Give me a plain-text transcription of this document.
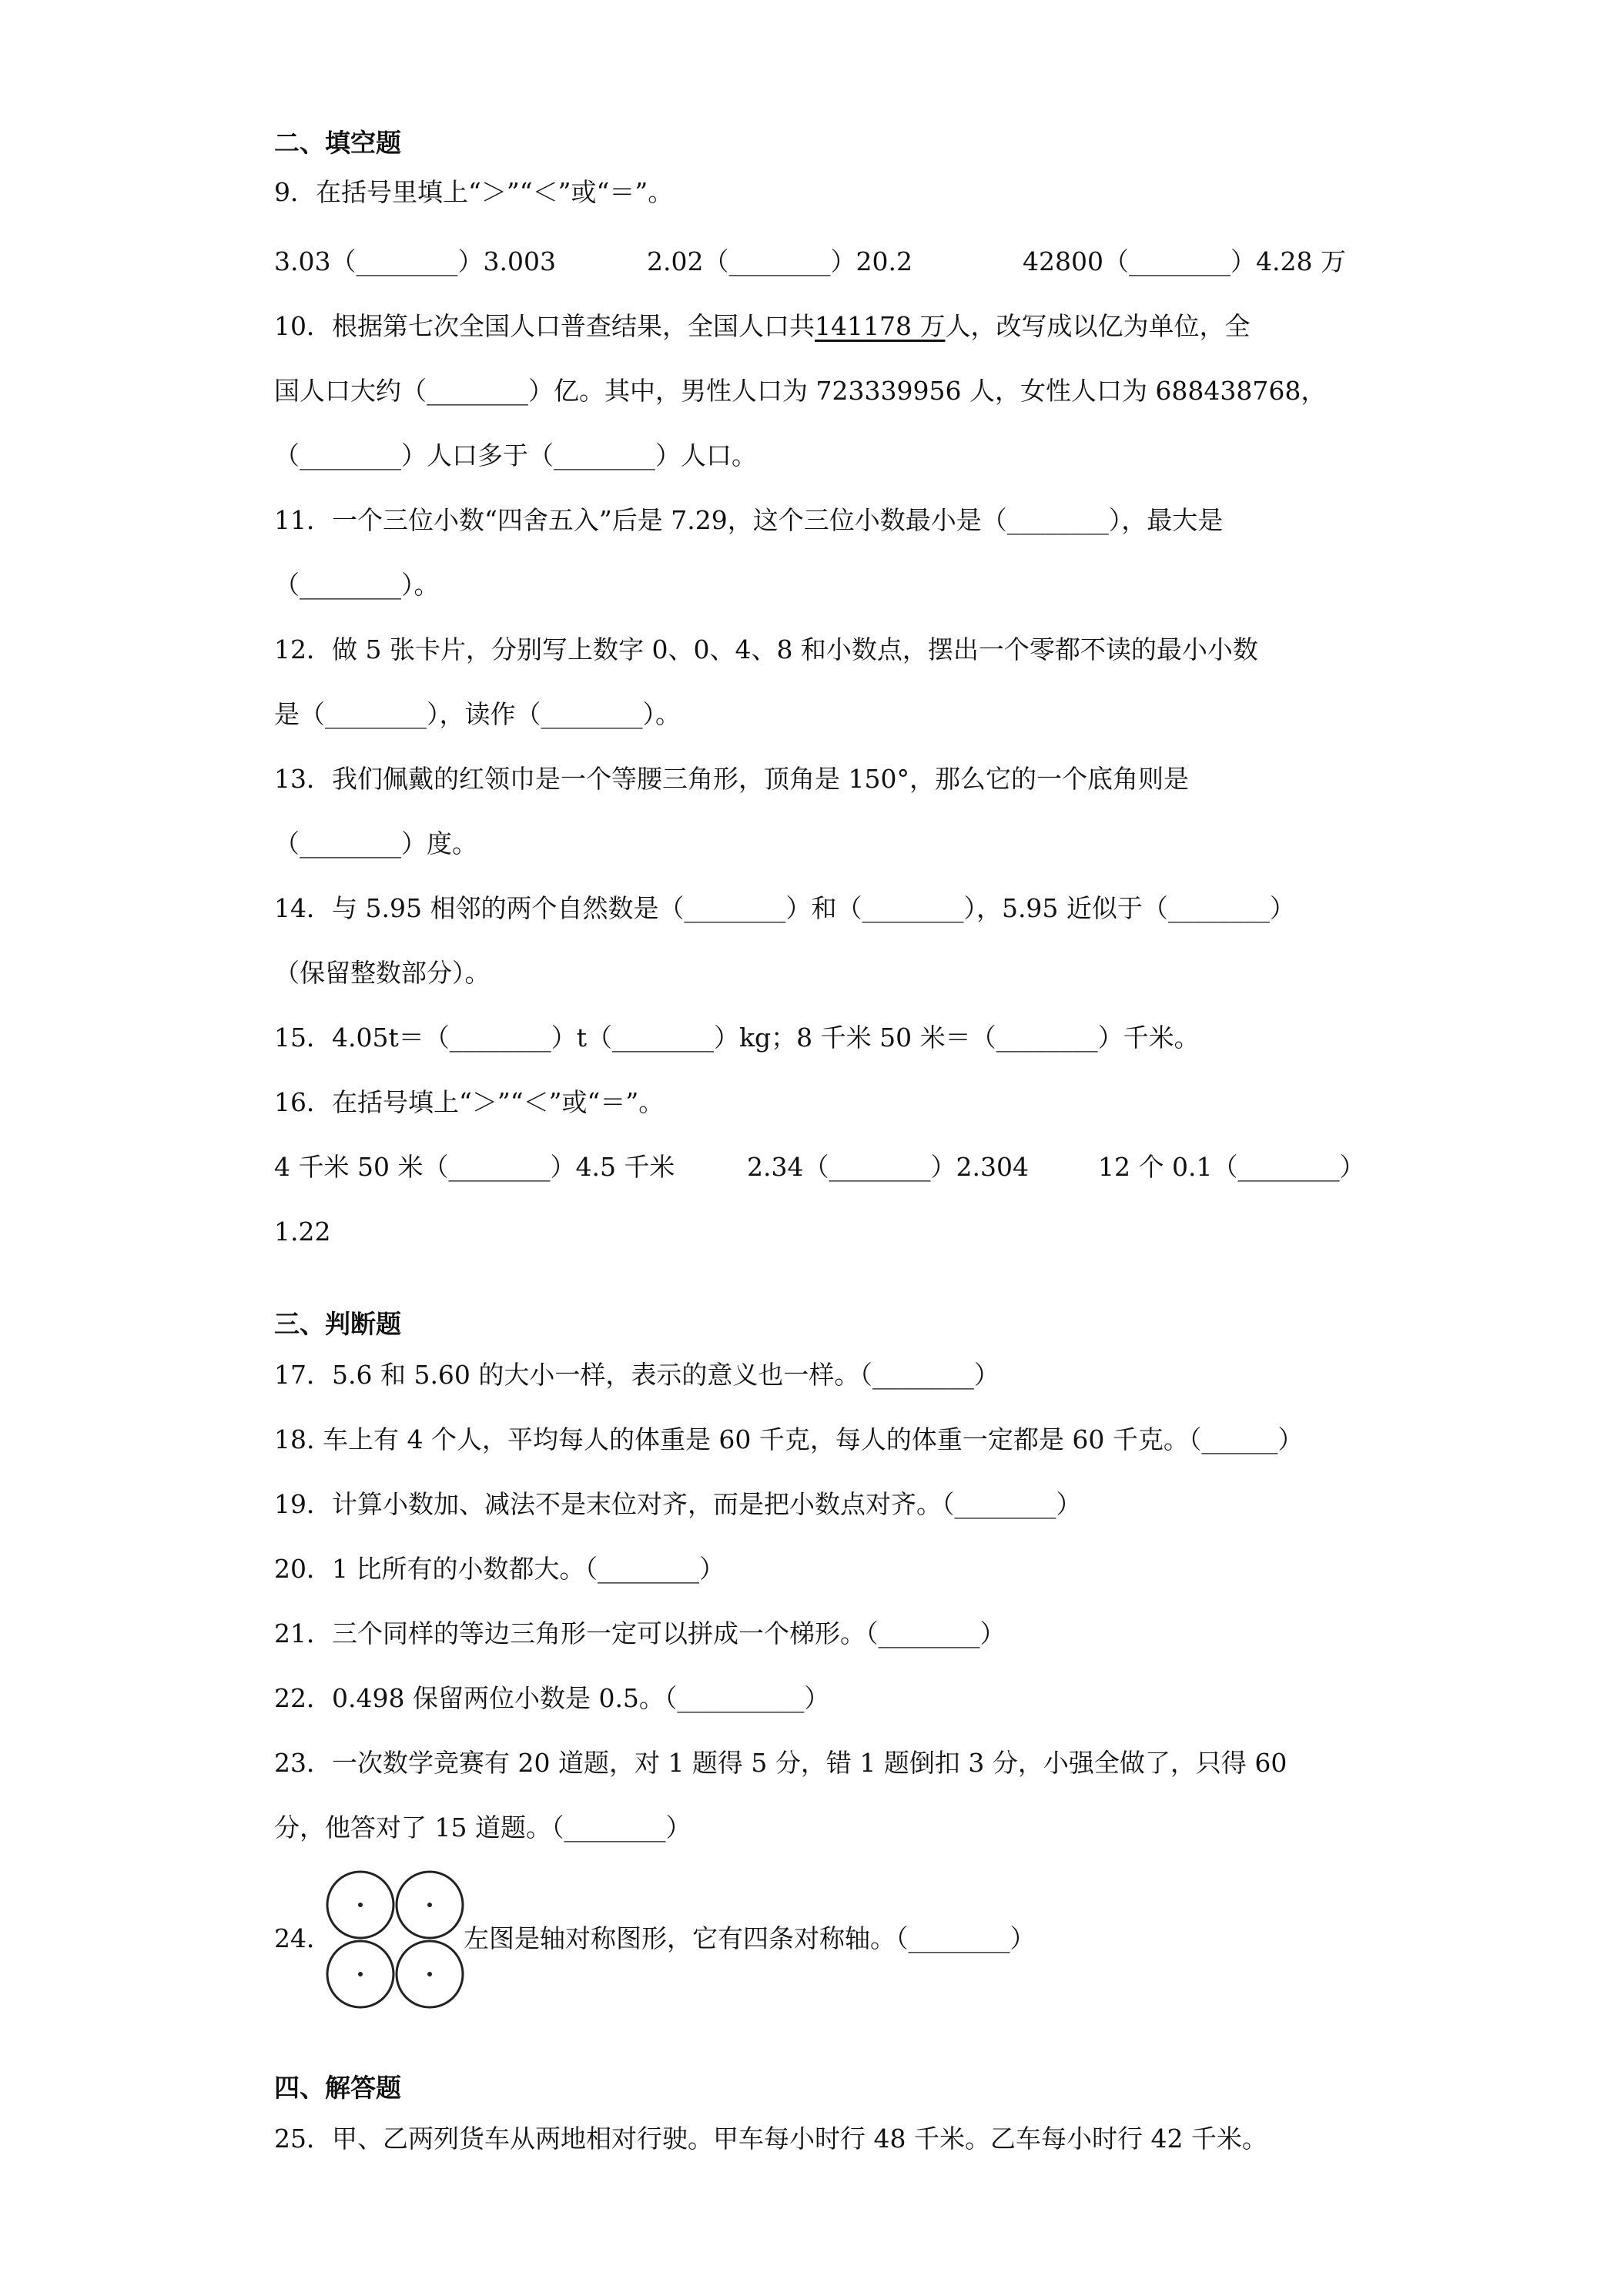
二、填空题
9．在括号里填上“＞”“＜”或“＝”。
3.03（________）3.003	2.02（________）20.2	42800（________）4.28 万
10．根据第七次全国人口普查结果，全国人口共141178 万人，改写成以亿为单位，全
国人口大约（________）亿。其中，男性人口为 723339956 人，女性人口为 688438768，
（________）人口多于（________）人口。
11．一个三位小数“四舍五入”后是 7.29，这个三位小数最小是（________），最大是
（________）。
12．做 5 张卡片，分别写上数字 0、0、4、8 和小数点，摆出一个零都不读的最小小数
是（________），读作（________）。
13．我们佩戴的红领巾是一个等腰三角形，顶角是 150°，那么它的一个底角则是
（________）度。
14．与 5.95 相邻的两个自然数是（________）和（________），5.95 近似于（________）
（保留整数部分）。
15．4.05t＝（________）t（________）kg；8 千米 50 米＝（________）千米。
16．在括号填上“＞”“＜”或“＝”。
4 千米 50 米（________）4.5 千米	2.34（________）2.304	12 个 0.1（________）
1.22
三、判断题
17．5.6 和 5.60 的大小一样，表示的意义也一样。（________）
18. 车上有 4 个人，平均每人的体重是 60 千克，每人的体重一定都是 60 千克。（______）
19．计算小数加、减法不是末位对齐，而是把小数点对齐。（________）
20．1 比所有的小数都大。（________）
21．三个同样的等边三角形一定可以拼成一个梯形。（________）
22．0.498 保留两位小数是 0.5。（__________）
23．一次数学竞赛有 20 道题，对 1 题得 5 分，错 1 题倒扣 3 分，小强全做了，只得 60
分，他答对了 15 道题。（________）
24．	左图是轴对称图形，它有四条对称轴。（________）
四、解答题
25．甲、乙两列货车从两地相对行驶。甲车每小时行 48 千米。乙车每小时行 42 千米。
